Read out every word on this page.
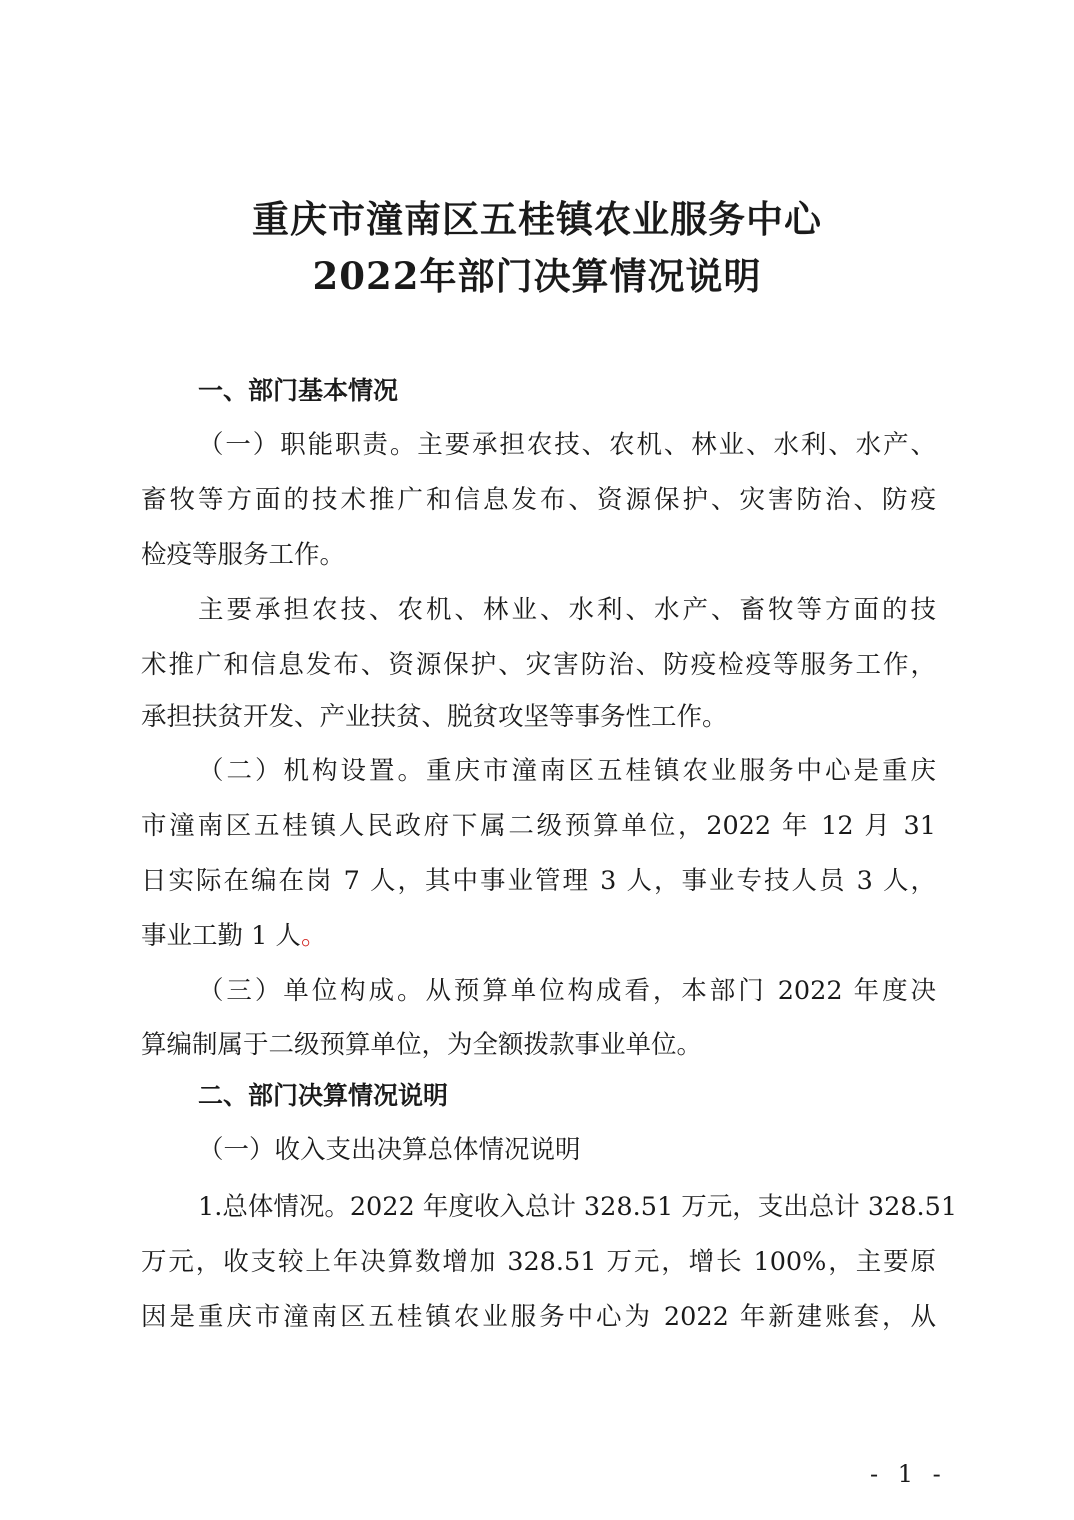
重庆市潼南区五桂镇农业服务中心
2022年部门决算情况说明
一、部门基本情况
（一）职能职责。主要承担农技、农机、林业、水利、水产、
畜牧等方面的技术推广和信息发布、资源保护、灾害防治、防疫
检疫等服务工作。
主要承担农技、农机、林业、水利、水产、畜牧等方面的技
术推广和信息发布、资源保护、灾害防治、防疫检疫等服务工作，
承担扶贫开发、产业扶贫、脱贫攻坚等事务性工作。
（二）机构设置。重庆市潼南区五桂镇农业服务中心是重庆
市潼南区五桂镇人民政府下属二级预算单位，2022 年 12 月 31
日实际在编在岗 7 人，其中事业管理 3 人，事业专技人员 3 人，
事业工勤 1 人。
（三）单位构成。从预算单位构成看，本部门 2022 年度决
算编制属于二级预算单位，为全额拨款事业单位。
二、部门决算情况说明
（一）收入支出决算总体情况说明
1.总体情况。2022 年度收入总计 328.51 万元，支出总计 328.51
万元，收支较上年决算数增加 328.51 万元，增长 100%，主要原
因是重庆市潼南区五桂镇农业服务中心为 2022 年新建账套，从
- 1 -
